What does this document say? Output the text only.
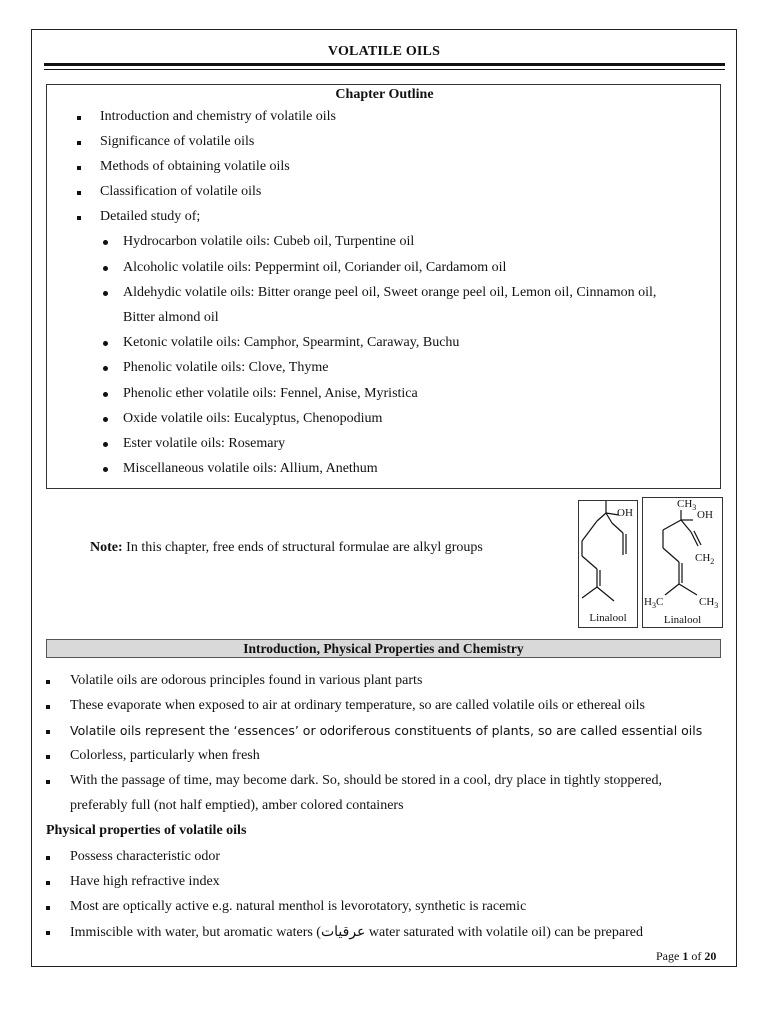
VOLATILE OILS
Chapter Outline
Introduction and chemistry of volatile oils
Significance of volatile oils
Methods of obtaining volatile oils
Classification of volatile oils
Detailed study of;
Hydrocarbon volatile oils: Cubeb oil, Turpentine oil
Alcoholic volatile oils: Peppermint oil, Coriander oil, Cardamom oil
Aldehydic volatile oils: Bitter orange peel oil, Sweet orange peel oil, Lemon oil, Cinnamon oil,
Bitter almond oil
Ketonic volatile oils: Camphor, Spearmint, Caraway, Buchu
Phenolic volatile oils: Clove, Thyme
Phenolic ether volatile oils: Fennel, Anise, Myristica
Oxide volatile oils: Eucalyptus, Chenopodium
Ester volatile oils: Rosemary
Miscellaneous volatile oils: Allium, Anethum
Note: In this chapter, free ends of structural formulae are alkyl groups
OH
Linalool
$CH_3$
OH
$CH_2$
$H_3C$	$CH_3$
Linalool
Introduction, Physical Properties and Chemistry
Volatile oils are odorous principles found in various plant parts
These evaporate when exposed to air at ordinary temperature, so are called volatile oils or ethereal oils
Volatile oils represent the ‘essences’ or odoriferous constituents of plants, so are called essential oils
Colorless, particularly when fresh
With the passage of time, may become dark. So, should be stored in a cool, dry place in tightly stoppered,
preferably full (not half emptied), amber colored containers
Physical properties of volatile oils
Possess characteristic odor
Have high refractive index
Most are optically active e.g. natural menthol is levorotatory, synthetic is racemic
Immiscible with water, but aromatic waters (عرقیات water saturated with volatile oil) can be prepared
Page 1 of 20
